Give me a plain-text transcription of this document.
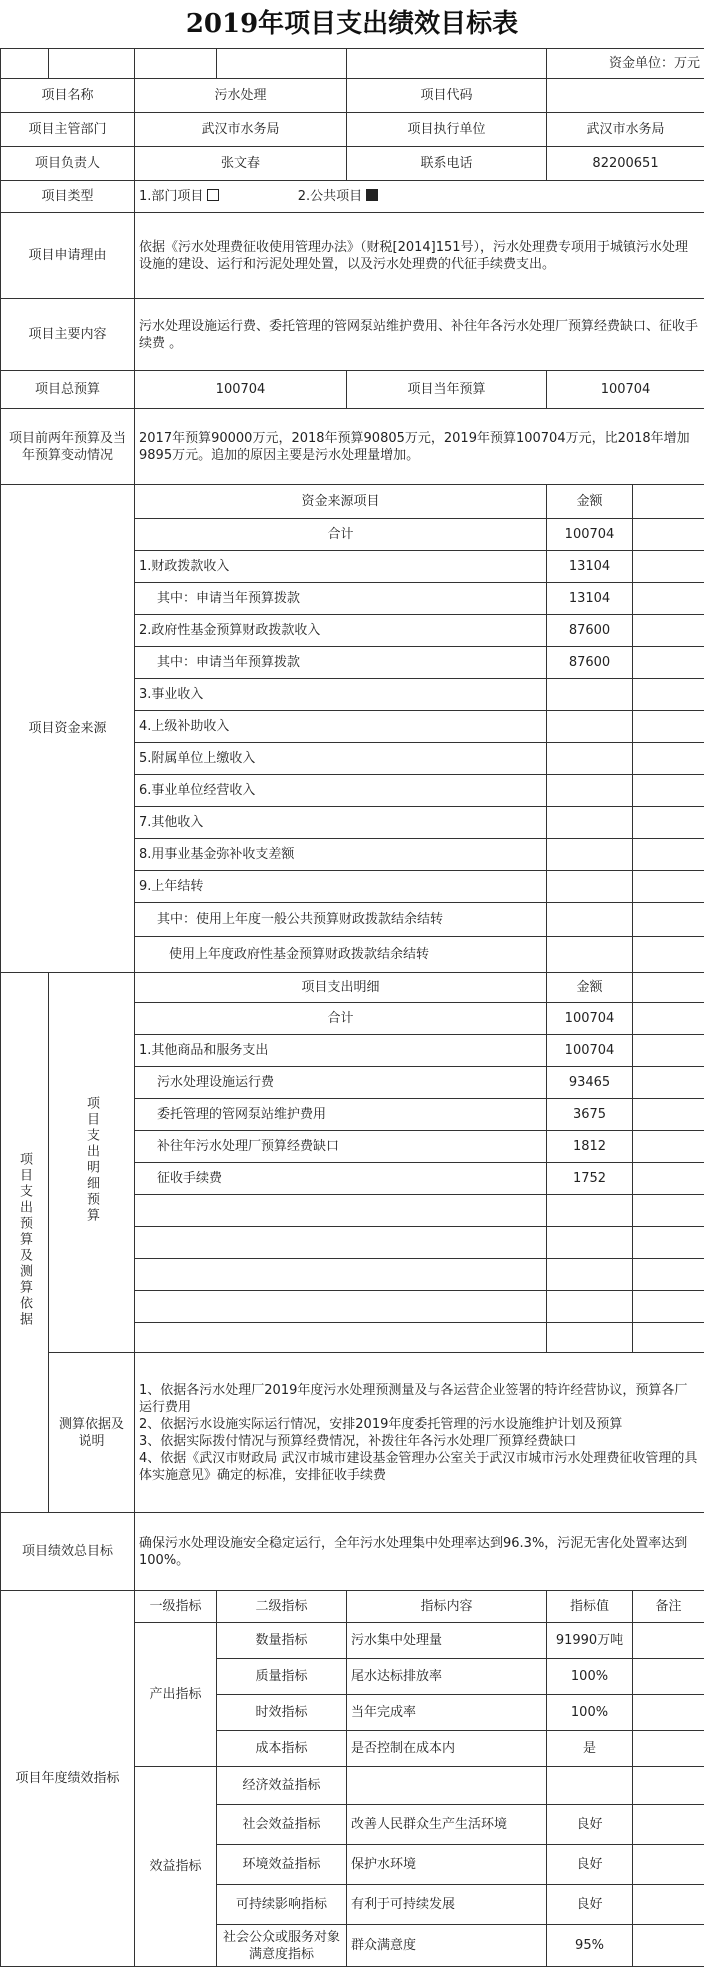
2019年项目支出绩效目标表
					资金单位：万元	
项目名称		污水处理		项目代码		
项目主管部门		武汉市水务局		项目执行单位	武汉市水务局	
项目负责人		张文春		联系电话	82200651	
项目类型		1.部门项目 2.公共项目				
项目申请理由		依据《污水处理费征收使用管理办法》（财税[2014]151号），污水处理费专项用于城镇污水处理设施的建设、运行和污泥处理处置，以及污水处理费的代征手续费支出。				
项目主要内容		污水处理设施运行费、委托管理的管网泵站维护费用、补往年各污水处理厂预算经费缺口、征收手续费 。				
项目总预算		100704		项目当年预算	100704	
项目前两年预算及当年预算变动情况		2017年预算90000万元，2018年预算90805万元，2019年预算100704万元，比2018年增加9895万元。追加的原因主要是污水处理量增加。				
项目资金来源		资金来源项目			金额	
		合计			100704	
		1.财政拨款收入			13104	
		其中：申请当年预算拨款			13104	
		2.政府性基金预算财政拨款收入			87600	
		其中：申请当年预算拨款			87600	
		3.事业收入				
		4.上级补助收入				
		5.附属单位上缴收入				
		6.事业单位经营收入				
		7.其他收入				
		8.用事业基金弥补收支差额				
		9.上年结转				
		其中：使用上年度一般公共预算财政拨款结余结转				
		使用上年度政府性基金预算财政拨款结余结转				
项目支出预算及测算依据	项目支出明细预算	项目支出明细			金额	
		合计			100704	
		1.其他商品和服务支出			100704	
		污水处理设施运行费			93465	
		委托管理的管网泵站维护费用			3675	
		补往年污水处理厂预算经费缺口			1812	
		征收手续费			1752	

	测算依据及说明	1、依据各污水处理厂2019年度污水处理预测量及与各运营企业签署的特许经营协议，预算各厂运行费用
2、依据污水设施实际运行情况，安排2019年度委托管理的污水设施维护计划及预算
3、依据实际拨付情况与预算经费情况，补拨往年各污水处理厂预算经费缺口
4、依据《武汉市财政局 武汉市城市建设基金管理办公室关于武汉市城市污水处理费征收管理的具体实施意见》确定的标准，安排征收手续费				

项目绩效总目标		确保污水处理设施安全稳定运行，全年污水处理集中处理率达到96.3%，污泥无害化处置率达到100%。				
项目年度绩效指标		一级指标	二级指标	指标内容	指标值	备注
		产出指标	数量指标	污水集中处理量	91990万吨	
			质量指标	尾水达标排放率	100%	
			时效指标	当年完成率	100%	
			成本指标	是否控制在成本内	是	
		效益指标	经济效益指标			
			社会效益指标	改善人民群众生产生活环境	良好	
			环境效益指标	保护水环境	良好	
			可持续影响指标	有利于可持续发展	良好	
			社会公众或服务对象满意度指标	群众满意度	95%	
